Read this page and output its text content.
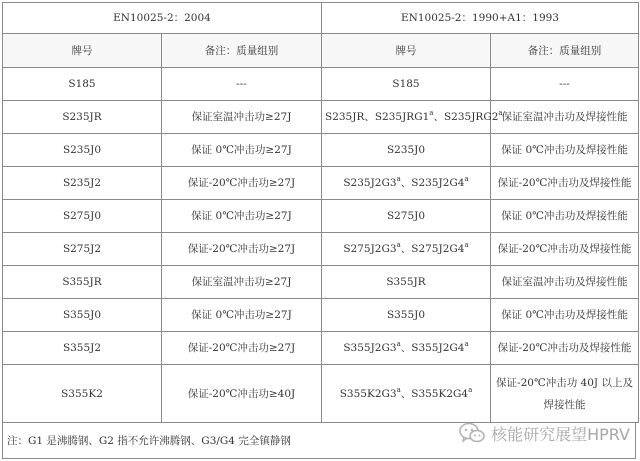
EN10025-2：2004		EN10025-2：1990+A1：1993	
牌号	备注：质量组别	牌号	备注：质量组别
S185	---	S185	---
S235JR	保证室温冲击功≥27J	S235JR、S235JRG1$^a$、S235JRG2$^a$	保证室温冲击功及焊接性能
S235J0	保证 0℃冲击功≥27J	S235J0	保证 0℃冲击功及焊接性能
S235J2	保证-20℃冲击功≥27J	S235J2G3$^a$、S235J2G4$^a$	保证-20℃冲击功及焊接性能
S275J0	保证 0℃冲击功≥27J	S275J0	保证 0℃冲击功及焊接性能
S275J2	保证-20℃冲击功≥27J	S275J2G3$^a$、S275J2G4$^a$	保证-20℃冲击功及焊接性能
S355JR	保证室温冲击功≥27J	S355JR	保证室温冲击功及焊接性能
S355J0	保证 0℃冲击功≥27J	S355J0	保证 0℃冲击功及焊接性能
S355J2	保证-20℃冲击功≥27J	S355J2G3$^a$、S355J2G4$^a$	保证-20℃冲击功及焊接性能
S355K2	保证-20℃冲击功≥40J	S355K2G3$^a$、S355K2G4$^a$	保证-20℃冲击功 40J 以上及
焊接性能
注：G1 是沸腾钢、G2 指不允许沸腾钢、G3/G4 完全镇静钢	核能研究展望HPRV
